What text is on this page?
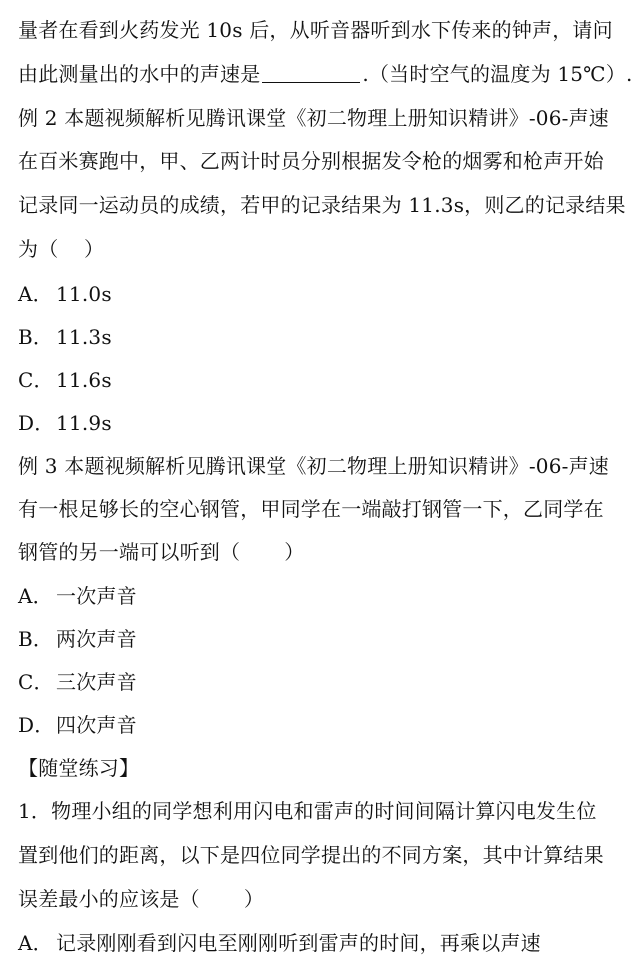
量者在看到火药发光 10s 后，从听音器听到水下传来的钟声，请问
由此测量出的水中的声速是	.（当时空气的温度为 15℃）.
例 2 本题视频解析见腾讯课堂《初二物理上册知识精讲》-06-声速
在百米赛跑中，甲、乙两计时员分别根据发令枪的烟雾和枪声开始
记录同一运动员的成绩，若甲的记录结果为 11.3s，则乙的记录结果
为（ ）
A． 11.0s
B． 11.3s
C． 11.6s
D．11.9s
例 3 本题视频解析见腾讯课堂《初二物理上册知识精讲》-06-声速
有一根足够长的空心钢管，甲同学在一端敲打钢管一下，乙同学在
钢管的另一端可以听到（ ）
A． 一次声音
B． 两次声音
C． 三次声音
D．四次声音
【随堂练习】
1．物理小组的同学想利用闪电和雷声的时间间隔计算闪电发生位
置到他们的距离，以下是四位同学提出的不同方案，其中计算结果
误差最小的应该是（ ）
A． 记录刚刚看到闪电至刚刚听到雷声的时间，再乘以声速
